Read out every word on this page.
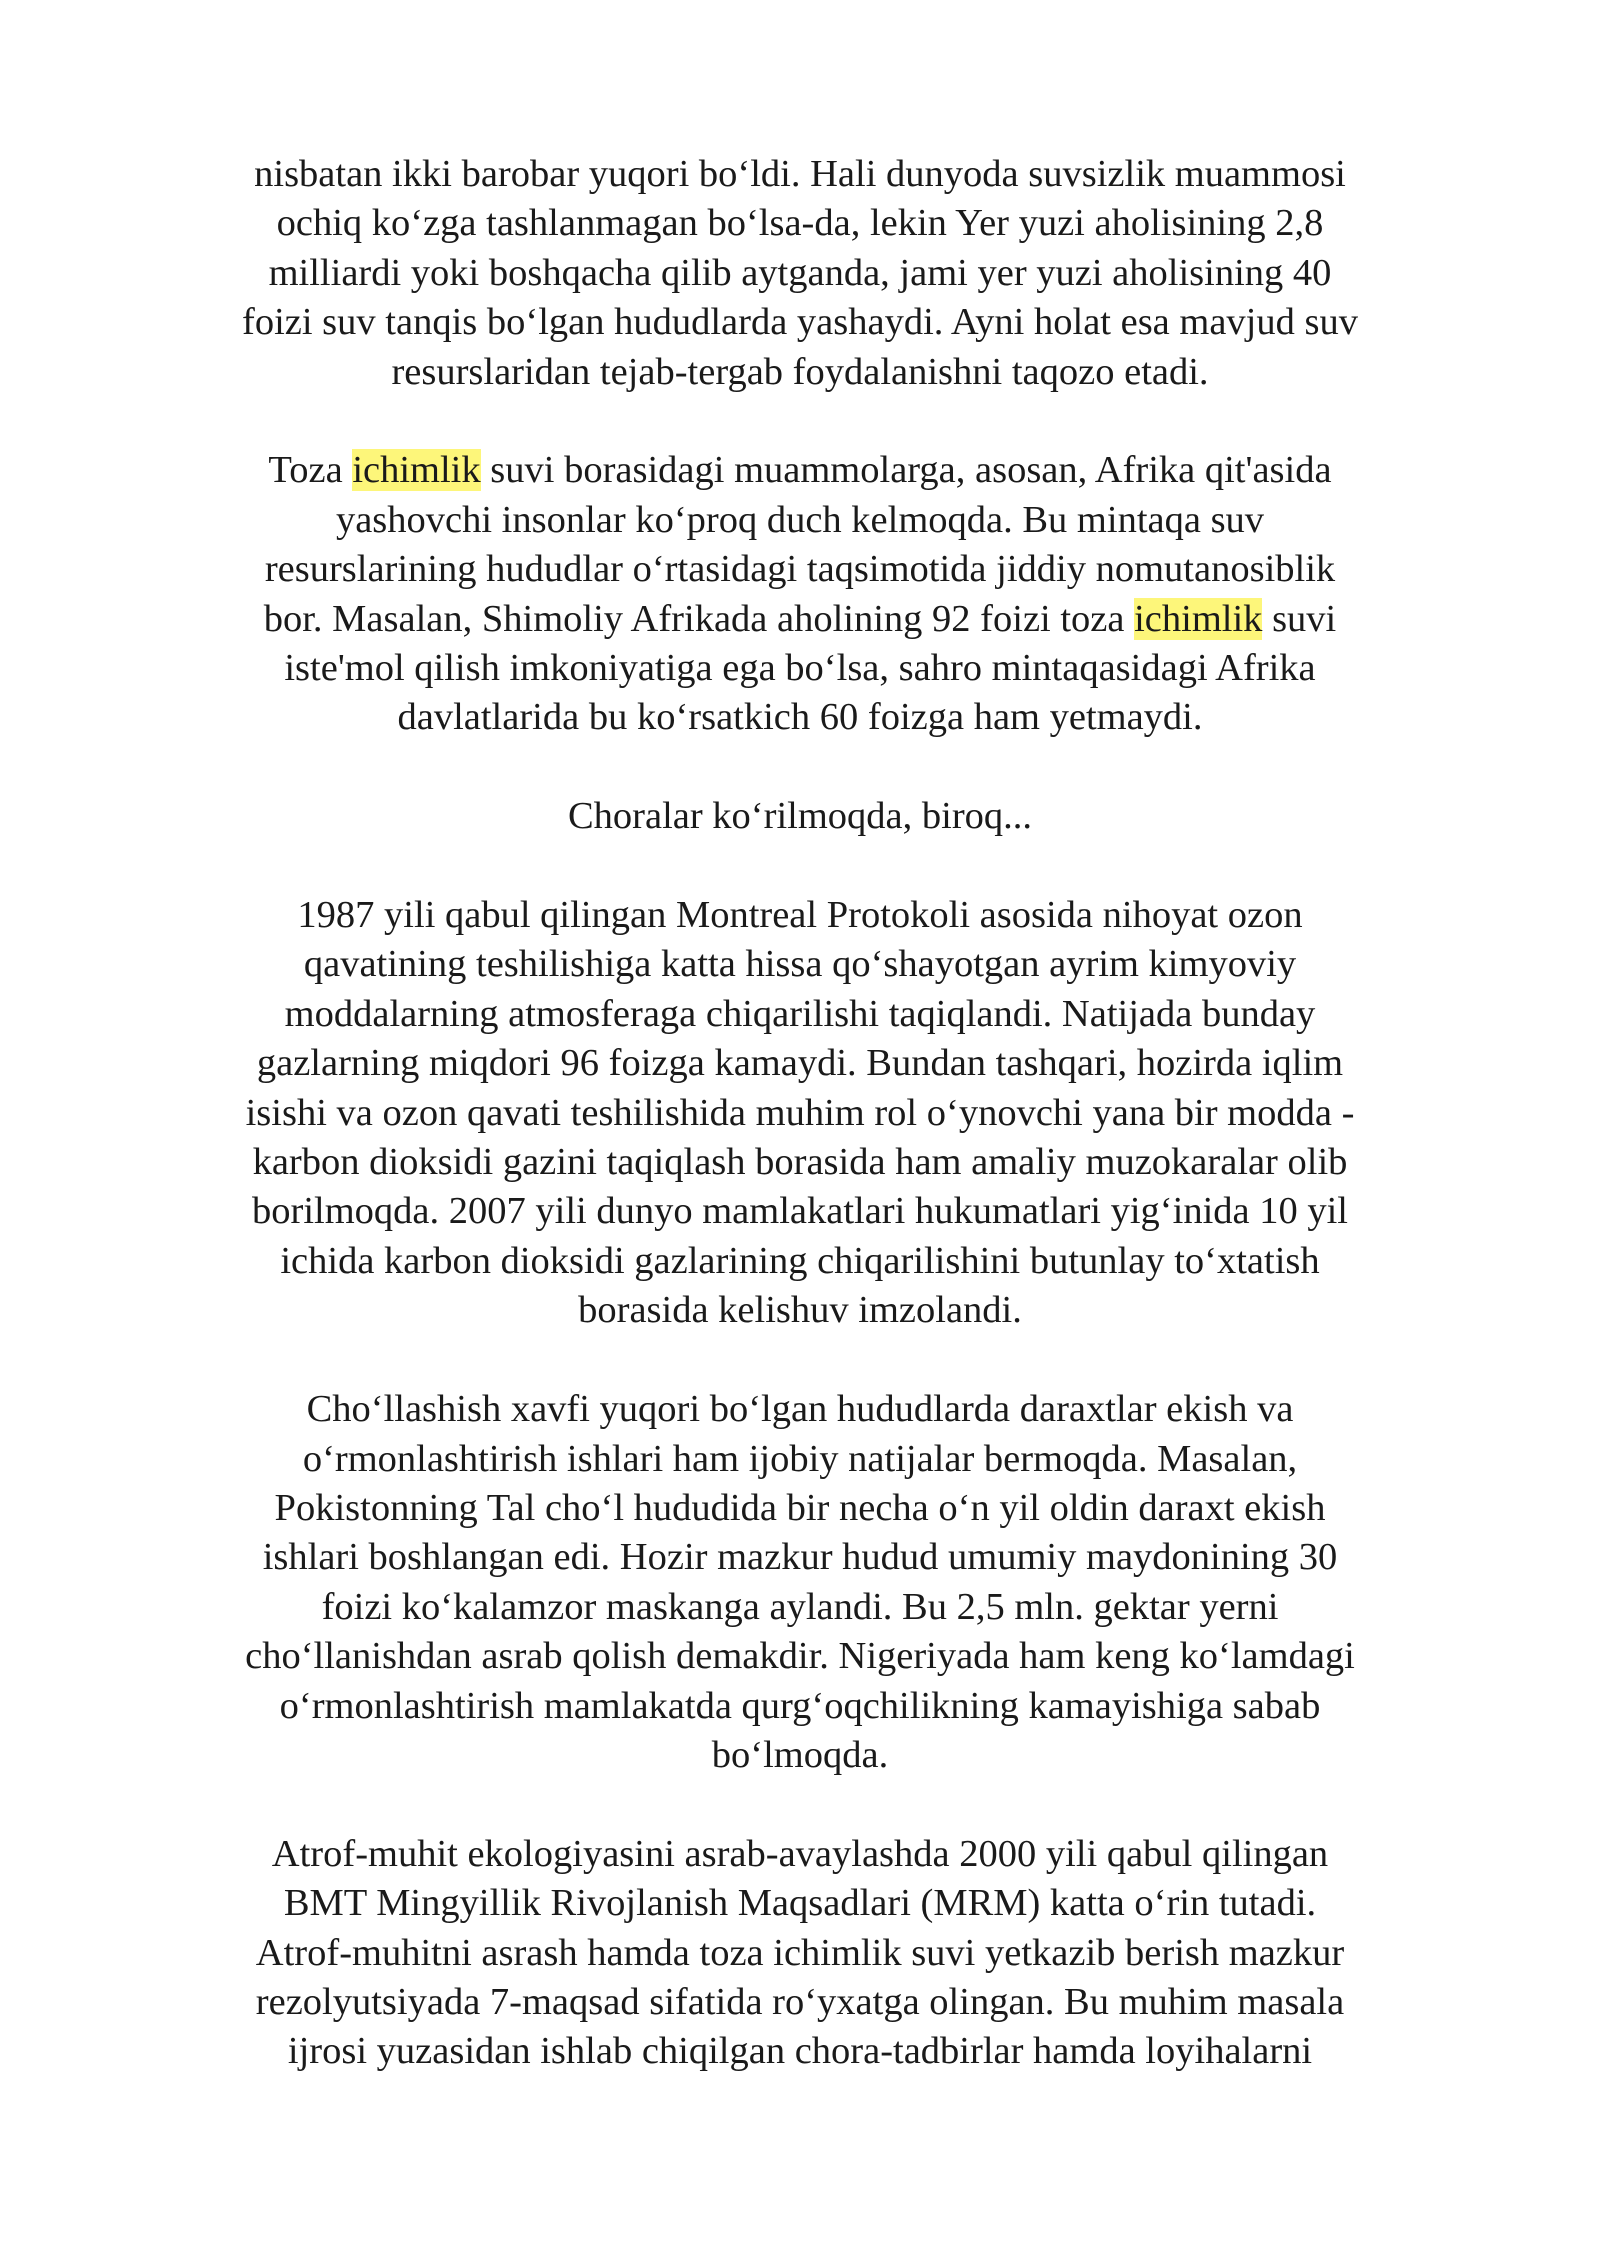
nisbatan ikki barobar yuqori boʻldi. Hali dunyoda suvsizlik muammosi
ochiq koʻzga tashlanmagan boʻlsa-da, lekin Yer yuzi aholisining 2,8
milliardi yoki boshqacha qilib aytganda, jami yer yuzi aholisining 40
foizi suv tanqis boʻlgan hududlarda yashaydi. Ayni holat esa mavjud suv
resurslaridan tejab-tergab foydalanishni taqozo etadi.

Toza ichimlik suvi borasidagi muammolarga, asosan, Afrika qit'asida
yashovchi insonlar koʻproq duch kelmoqda. Bu mintaqa suv
resurslarining hududlar oʻrtasidagi taqsimotida jiddiy nomutanosiblik
bor. Masalan, Shimoliy Afrikada aholining 92 foizi toza ichimlik suvi
iste'mol qilish imkoniyatiga ega boʻlsa, sahro mintaqasidagi Afrika
davlatlarida bu koʻrsatkich 60 foizga ham yetmaydi.

Choralar koʻrilmoqda, biroq...

1987 yili qabul qilingan Montreal Protokoli asosida nihoyat ozon
qavatining teshilishiga katta hissa qoʻshayotgan ayrim kimyoviy
moddalarning atmosferaga chiqarilishi taqiqlandi. Natijada bunday
gazlarning miqdori 96 foizga kamaydi. Bundan tashqari, hozirda iqlim
isishi va ozon qavati teshilishida muhim rol oʻynovchi yana bir modda -
karbon dioksidi gazini taqiqlash borasida ham amaliy muzokaralar olib
borilmoqda. 2007 yili dunyo mamlakatlari hukumatlari yigʻinida 10 yil
ichida karbon dioksidi gazlarining chiqarilishini butunlay toʻxtatish
borasida kelishuv imzolandi.

Choʻllashish xavfi yuqori boʻlgan hududlarda daraxtlar ekish va
oʻrmonlashtirish ishlari ham ijobiy natijalar bermoqda. Masalan,
Pokistonning Tal choʻl hududida bir necha oʻn yil oldin daraxt ekish
ishlari boshlangan edi. Hozir mazkur hudud umumiy maydonining 30
foizi koʻkalamzor maskanga aylandi. Bu 2,5 mln. gektar yerni
choʻllanishdan asrab qolish demakdir. Nigeriyada ham keng koʻlamdagi
oʻrmonlashtirish mamlakatda qurgʻoqchilikning kamayishiga sabab
boʻlmoqda.

Atrof-muhit ekologiyasini asrab-avaylashda 2000 yili qabul qilingan
BMT Mingyillik Rivojlanish Maqsadlari (MRM) katta oʻrin tutadi.
Atrof-muhitni asrash hamda toza ichimlik suvi yetkazib berish mazkur
rezolyutsiyada 7-maqsad sifatida roʻyxatga olingan. Bu muhim masala
ijrosi yuzasidan ishlab chiqilgan chora-tadbirlar hamda loyihalarni
